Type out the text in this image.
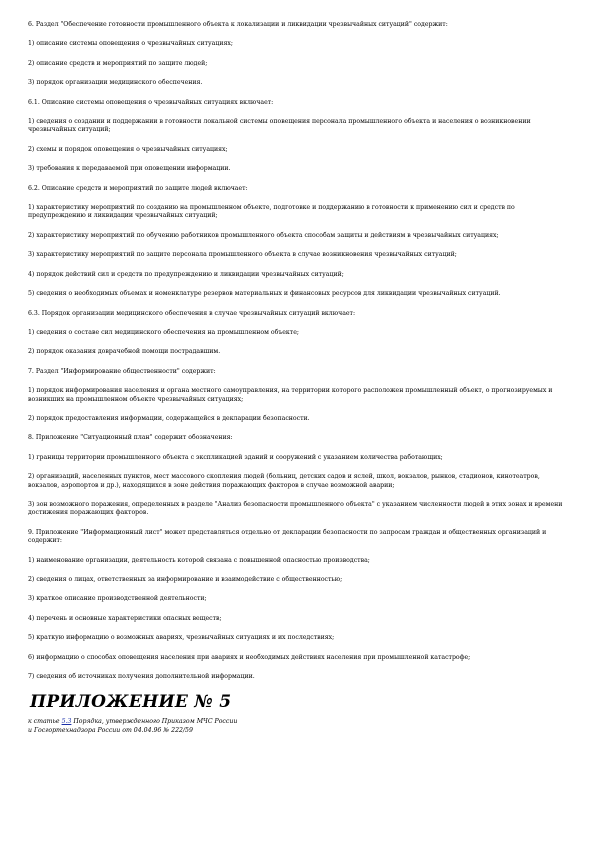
6. Раздел "Обеспечение готовности промышленного объекта к локализации и ликвидации чрезвычайных ситуаций" содержит:

1) описание системы оповещения о чрезвычайных ситуациях;

2) описание средств и мероприятий по защите людей;

3) порядок организации медицинского обеспечения.

6.1. Описание системы оповещения о чрезвычайных ситуациях включает:

1) сведения о создании и поддержании в готовности локальной системы оповещения персонала промышленного объекта и населения о возникновении чрезвычайных ситуаций;

2) схемы и порядок оповещения о чрезвычайных ситуациях;

3) требования к передаваемой при оповещении информации.

6.2. Описание средств и мероприятий по защите людей включает:

1) характеристику мероприятий по созданию на промышленном объекте, подготовке и поддержанию в готовности к применению сил и средств по предупреждению и ликвидации чрезвычайных ситуаций;

2) характеристику мероприятий по обучению работников промышленного объекта способам защиты и действиям в чрезвычайных ситуациях;

3) характеристику мероприятий по защите персонала промышленного объекта в случае возникновения чрезвычайных ситуаций;

4) порядок действий сил и средств по предупреждению и ликвидации чрезвычайных ситуаций;

5) сведения о необходимых объемах и номенклатуре резервов материальных и финансовых ресурсов для ликвидации чрезвычайных ситуаций.

6.3. Порядок организации медицинского обеспечения в случае чрезвычайных ситуаций включает:

1) сведения о составе сил медицинского обеспечения на промышленном объекте;

2) порядок оказания доврачебной помощи пострадавшим.

7. Раздел "Информирование общественности" содержит:

1) порядок информирования населения и органа местного самоуправления, на территории которого расположен промышленный объект, о прогнозируемых и возникших на промышленном объекте чрезвычайных ситуациях;

2) порядок предоставления информации, содержащейся в декларации безопасности.

8. Приложение "Ситуационный план" содержит обозначения:

1) границы территории промышленного объекта с экспликацией зданий и сооружений с указанием количества работающих;

2) организаций, населенных пунктов, мест массового скопления людей (больниц, детских садов и яслей, школ, вокзалов, рынков, стадионов, кинотеатров, вокзалов, аэропортов и др.), находящихся в зоне действия поражающих факторов в случае возможной аварии;

3) зон возможного поражения, определенных в разделе "Анализ безопасности промышленного объекта" с указанием численности людей в этих зонах и времени достижения поражающих факторов.

9. Приложение "Информационный лист" может представляться отдельно от декларации безопасности по запросам граждан и общественных организаций и содержит:

1) наименование организации, деятельность которой связана с повышенной опасностью производства;

2) сведения о лицах, ответственных за информирование и взаимодействие с общественностью;

3) краткое описание производственной деятельности;

4) перечень и основные характеристики опасных веществ;

5) краткую информацию о возможных авариях, чрезвычайных ситуациях и их последствиях;

6) информацию о способах оповещения населения при авариях и необходимых действиях населения при промышленной катастрофе;

7) сведения об источниках получения дополнительной информации.

ПРИЛОЖЕНИЕ № 5

к статье 5.3 Порядка, утвержденного Приказом МЧС России

и Госгортехнадзора России от 04.04.96 № 222/59
